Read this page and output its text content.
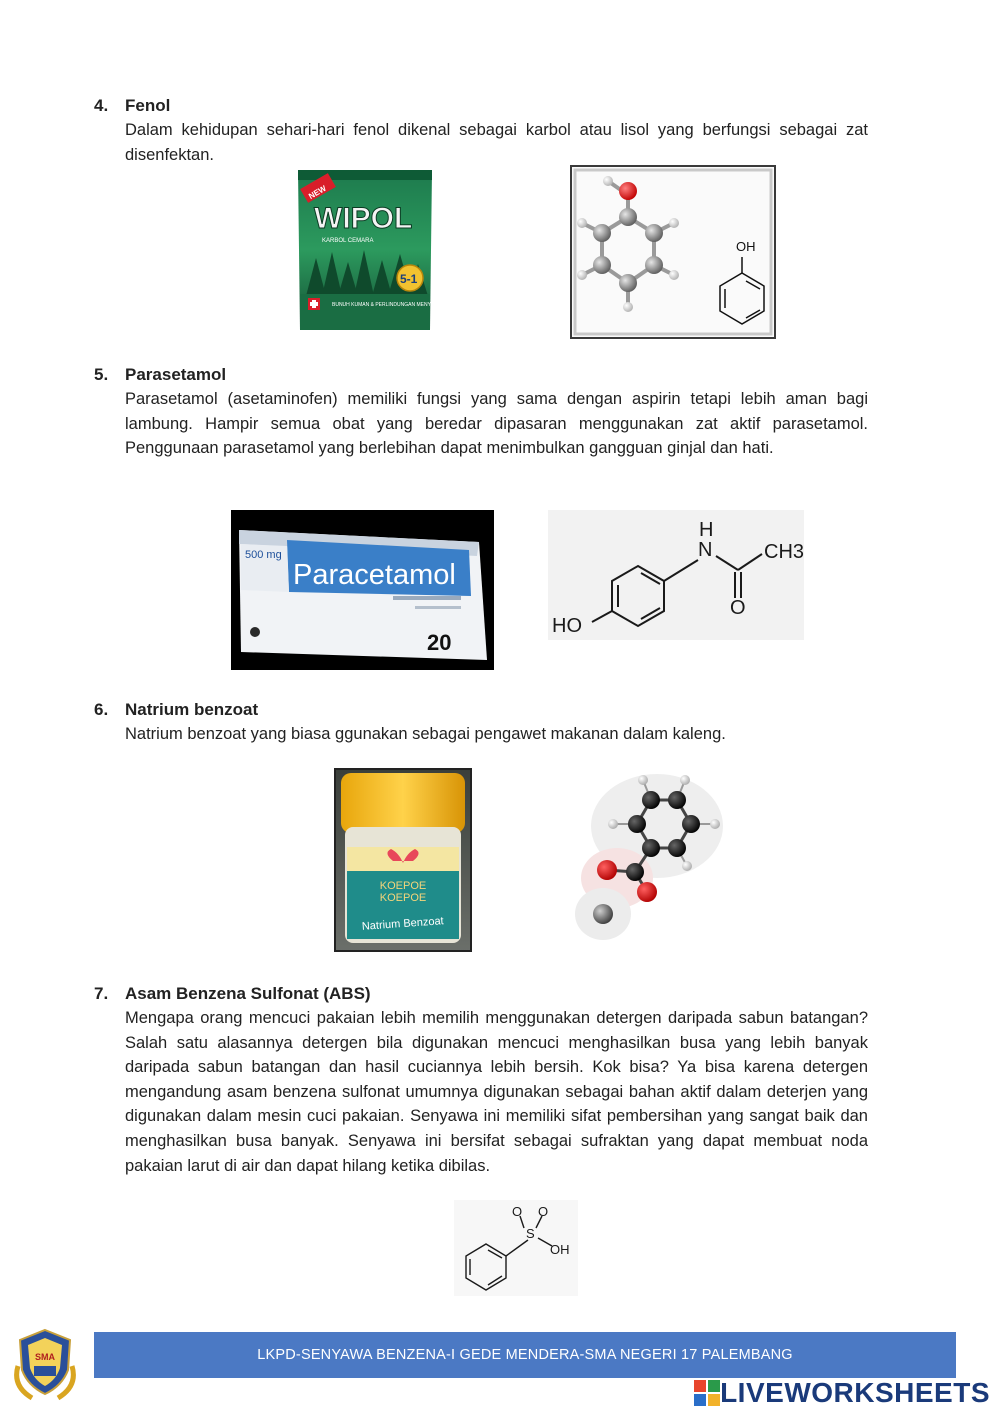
4. Fenol
Dalam kehidupan sehari-hari fenol dikenal sebagai karbol atau lisol yang berfungsi sebagai zat disenfektan.
NEW
WIPOL
KARBOL CEMARA
5-1
BUNUH KUMAN & PERLINDUNGAN MENYELURUH
OH
5. Parasetamol
Parasetamol (asetaminofen) memiliki fungsi yang sama dengan aspirin tetapi lebih aman bagi lambung. Hampir semua obat yang beredar dipasaran menggunakan zat aktif parasetamol. Penggunaan parasetamol yang berlebihan dapat menimbulkan gangguan ginjal dan hati.
500 mg
Paracetamol
20
H
N	CH3
O
HO
6. Natrium benzoat
Natrium benzoat yang biasa ggunakan sebagai pengawet makanan dalam kaleng.
KOEPOE
KOEPOE
Natrium Benzoat
7. Asam Benzena Sulfonat (ABS)
Mengapa orang mencuci pakaian lebih memilih menggunakan detergen daripada sabun batangan? Salah satu alasannya detergen bila digunakan mencuci menghasilkan busa yang lebih banyak daripada sabun batangan dan hasil cuciannya lebih bersih. Kok bisa? Ya bisa karena detergen mengandung asam benzena sulfonat umumnya digunakan sebagai bahan aktif dalam deterjen yang digunakan dalam mesin cuci pakaian. Senyawa ini memiliki sifat pembersihan yang sangat baik dan menghasilkan busa banyak. Senyawa ini bersifat sebagai sufraktan yang dapat membuat noda pakaian larut di air dan dapat hilang ketika dibilas.
O O
S
OH
SMA	LKPD-SENYAWA BENZENA-I GEDE MENDERA-SMA NEGERI 17 PALEMBANG
LIVEWORKSHEETS
